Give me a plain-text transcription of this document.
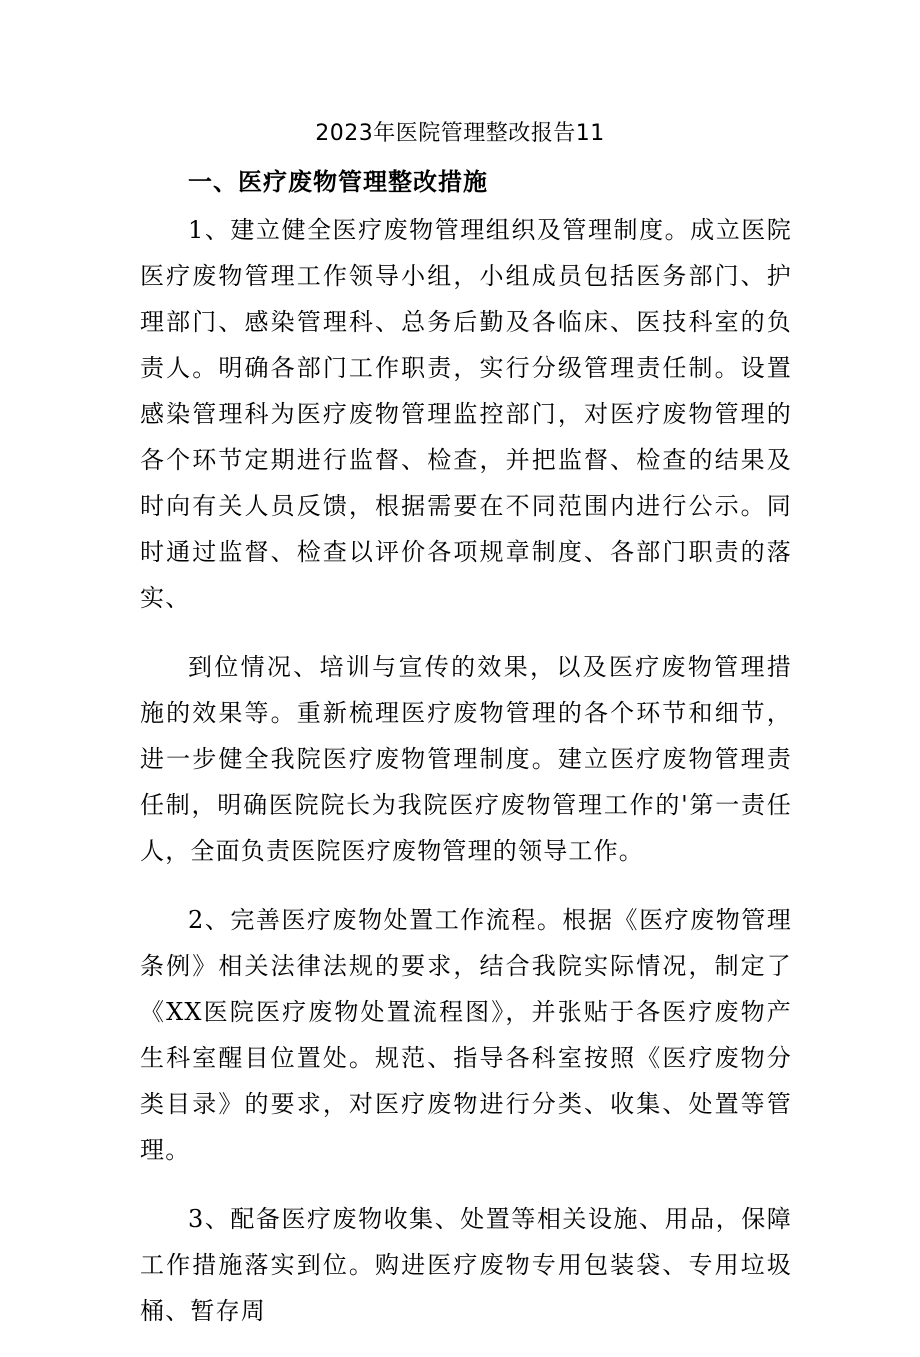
2023年医院管理整改报告11
一、医疗废物管理整改措施

1、建立健全医疗废物管理组织及管理制度。成立医院医疗废物管理工作领导小组，小组成员包括医务部门、护理部门、感染管理科、总务后勤及各临床、医技科室的负责人。明确各部门工作职责，实行分级管理责任制。设置感染管理科为医疗废物管理监控部门，对医疗废物管理的各个环节定期进行监督、检查，并把监督、检查的结果及时向有关人员反馈，根据需要在不同范围内进行公示。同时通过监督、检查以评价各项规章制度、各部门职责的落实、

到位情况、培训与宣传的效果，以及医疗废物管理措施的效果等。重新梳理医疗废物管理的各个环节和细节，进一步健全我院医疗废物管理制度。建立医疗废物管理责任制，明确医院院长为我院医疗废物管理工作的'第一责任人，全面负责医院医疗废物管理的领导工作。

2、完善医疗废物处置工作流程。根据《医疗废物管理条例》相关法律法规的要求，结合我院实际情况，制定了《XX医院医疗废物处置流程图》，并张贴于各医疗废物产生科室醒目位置处。规范、指导各科室按照《医疗废物分类目录》的要求，对医疗废物进行分类、收集、处置等管理。

3、配备医疗废物收集、处置等相关设施、用品，保障工作措施落实到位。购进医疗废物专用包装袋、专用垃圾桶、暂存周
